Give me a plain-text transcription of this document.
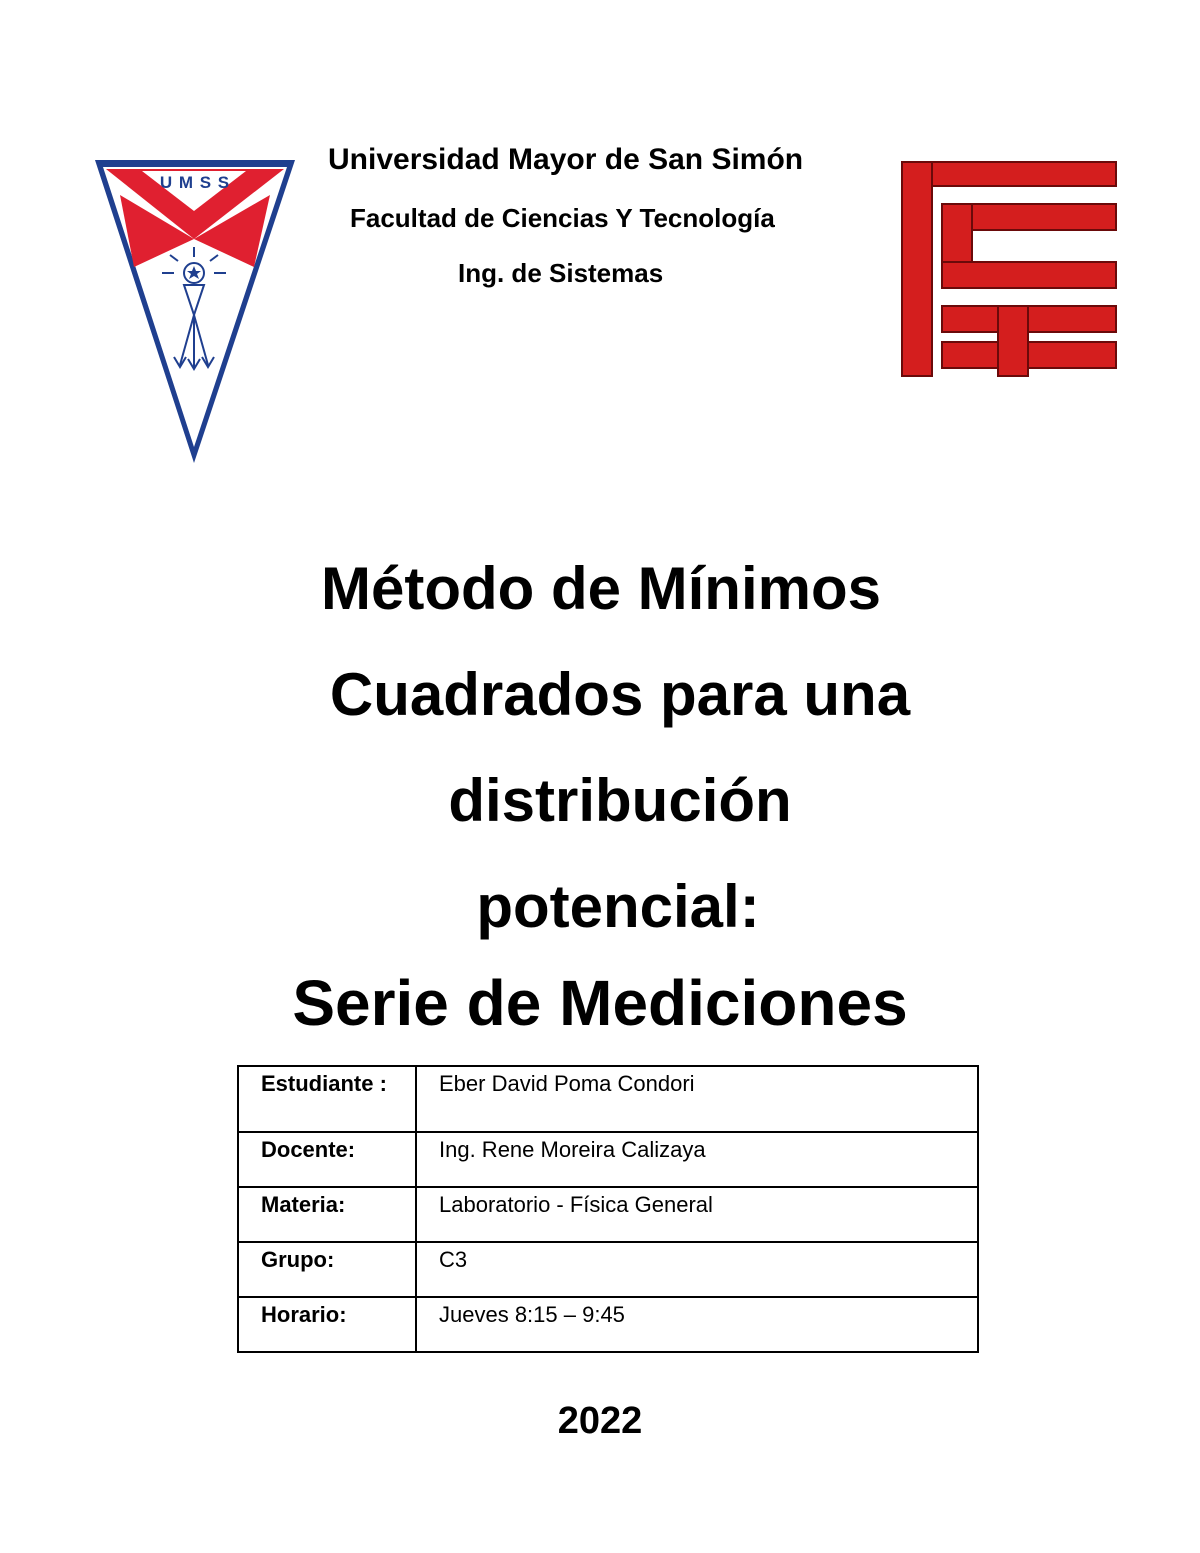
U M S S
Universidad Mayor de San Simón
Facultad de Ciencias Y Tecnología
Ing. de Sistemas
Método de Mínimos
Cuadrados para una
distribución
potencial:
Serie de Mediciones
Estudiante :	Eber David Poma Condori
Docente:	Ing. Rene Moreira Calizaya
Materia:	Laboratorio - Física General
Grupo:	C3
Horario:	Jueves 8:15 – 9:45
2022
